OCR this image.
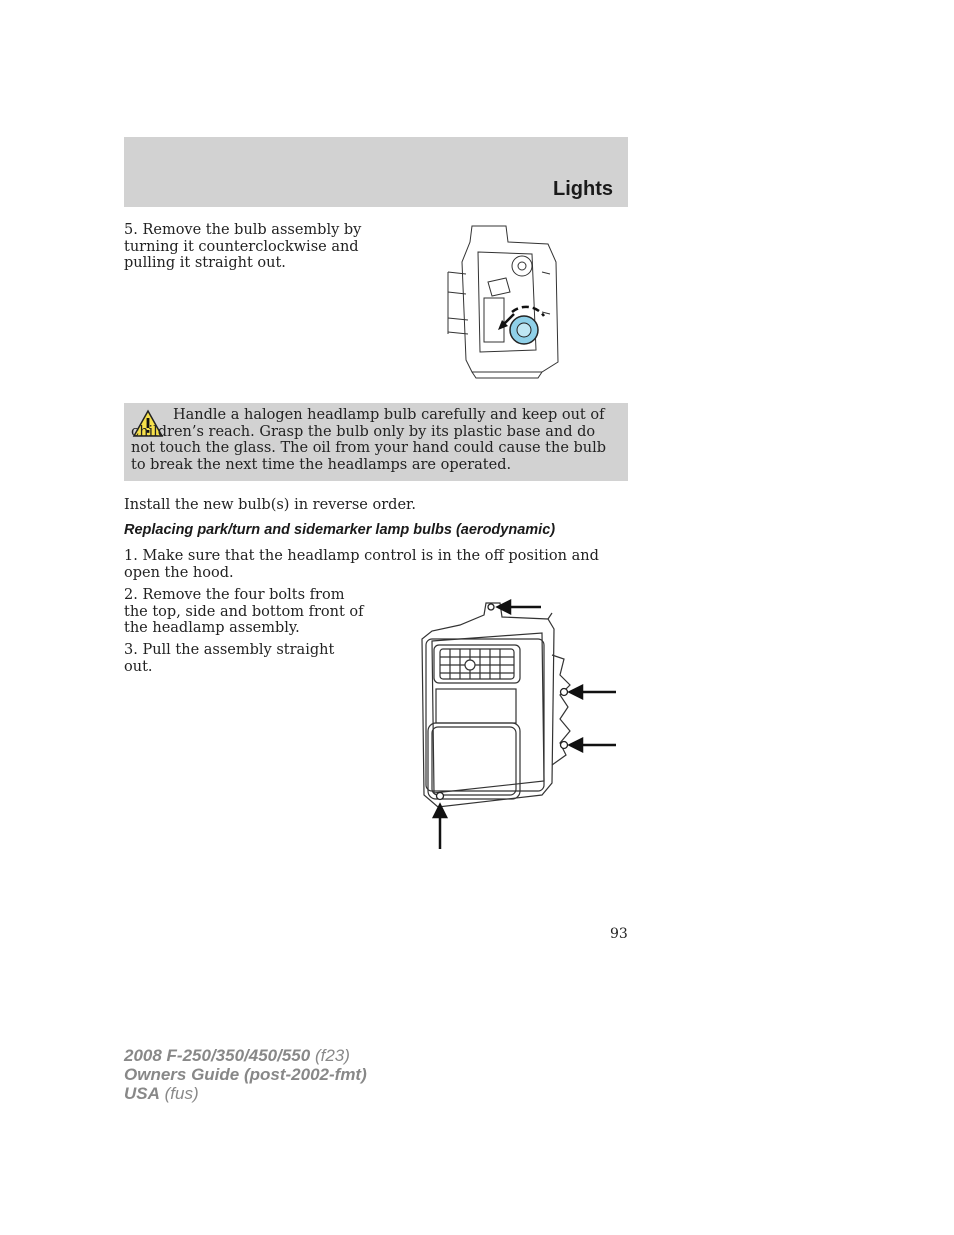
Lights

5. Remove the bulb assembly by turning it counterclockwise and pulling it straight out.

Handle a halogen headlamp bulb carefully and keep out of children’s reach. Grasp the bulb only by its plastic base and do not touch the glass. The oil from your hand could cause the bulb to break the next time the headlamps are operated.

Install the new bulb(s) in reverse order.

Replacing park/turn and sidemarker lamp bulbs (aerodynamic)

1. Make sure that the headlamp control is in the off position and open the hood.

2. Remove the four bolts from the top, side and bottom front of the headlamp assembly.

3. Pull the assembly straight out.

93
2008 F-250/350/450/550 (f23)
Owners Guide (post-2002-fmt)
USA (fus)
